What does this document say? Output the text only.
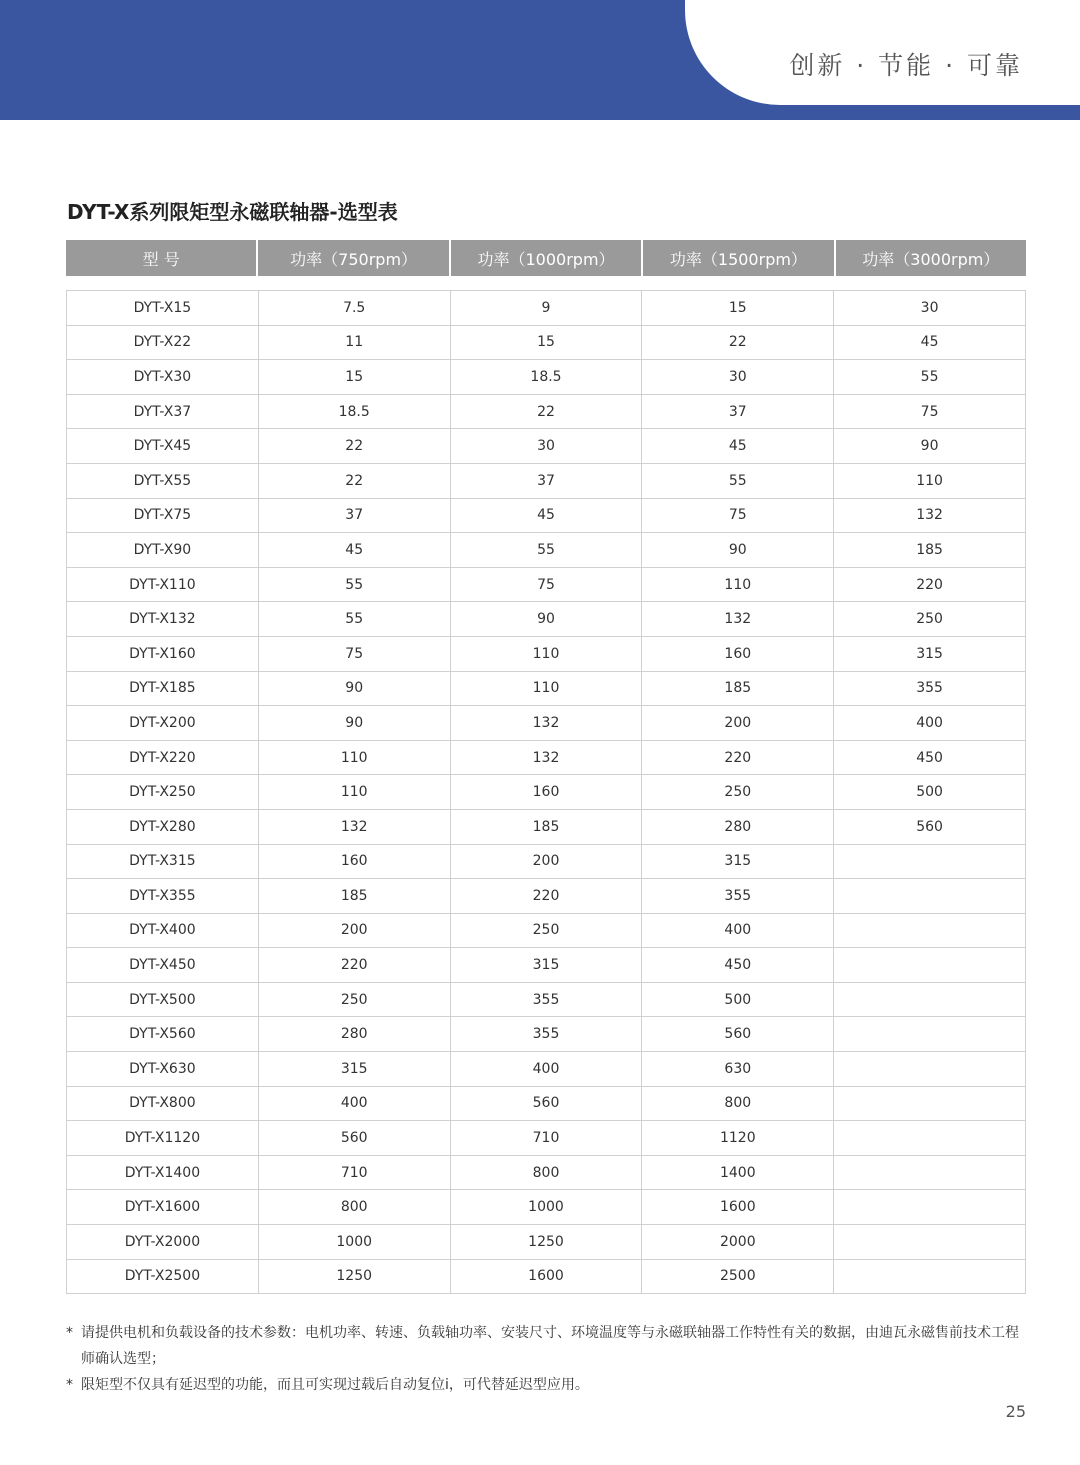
创新 · 节能 · 可靠
DYT-X系列限矩型永磁联轴器-选型表
型 号	功率（750rpm）	功率（1000rpm）	功率（1500rpm）	功率（3000rpm）
DYT-X15	7.5	9	15	30
DYT-X22	11	15	22	45
DYT-X30	15	18.5	30	55
DYT-X37	18.5	22	37	75
DYT-X45	22	30	45	90
DYT-X55	22	37	55	110
DYT-X75	37	45	75	132
DYT-X90	45	55	90	185
DYT-X110	55	75	110	220
DYT-X132	55	90	132	250
DYT-X160	75	110	160	315
DYT-X185	90	110	185	355
DYT-X200	90	132	200	400
DYT-X220	110	132	220	450
DYT-X250	110	160	250	500
DYT-X280	132	185	280	560
DYT-X315	160	200	315	
DYT-X355	185	220	355	
DYT-X400	200	250	400	
DYT-X450	220	315	450	
DYT-X500	250	355	500	
DYT-X560	280	355	560	
DYT-X630	315	400	630	
DYT-X800	400	560	800	
DYT-X1120	560	710	1120	
DYT-X1400	710	800	1400	
DYT-X1600	800	1000	1600	
DYT-X2000	1000	1250	2000	
DYT-X2500	1250	1600	2500	
* 请提供电机和负载设备的技术参数：电机功率、转速、负载轴功率、安装尺寸、环境温度等与永磁联轴器工作特性有关的数据，由迪瓦永磁售前技术工程师确认选型；
* 限矩型不仅具有延迟型的功能，而且可实现过载后自动复位i，可代替延迟型应用。
25
